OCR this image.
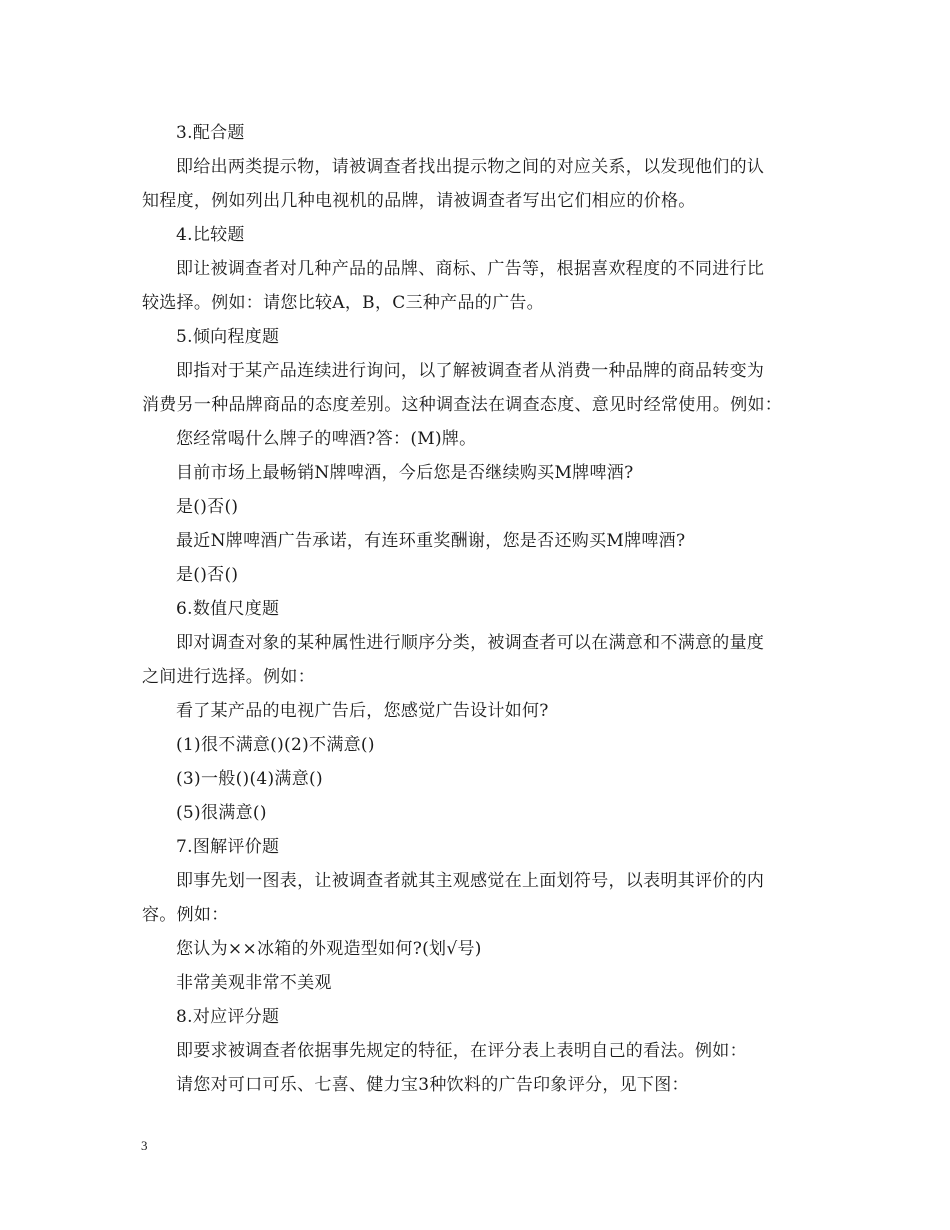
3.配合题
即给出两类提示物，请被调查者找出提示物之间的对应关系，以发现他们的认
知程度，例如列出几种电视机的品牌，请被调查者写出它们相应的价格。
4.比较题
即让被调查者对几种产品的品牌、商标、广告等，根据喜欢程度的不同进行比
较选择。例如：请您比较A，B，C三种产品的广告。
5.倾向程度题
即指对于某产品连续进行询问，以了解被调查者从消费一种品牌的商品转变为
消费另一种品牌商品的态度差别。这种调查法在调查态度、意见时经常使用。例如：
您经常喝什么牌子的啤酒?答：(M)牌。
目前市场上最畅销N牌啤酒，今后您是否继续购买M牌啤酒?
是()否()
最近N牌啤酒广告承诺，有连环重奖酬谢，您是否还购买M牌啤酒?
是()否()
6.数值尺度题
即对调查对象的某种属性进行顺序分类，被调查者可以在满意和不满意的量度
之间进行选择。例如：
看了某产品的电视广告后，您感觉广告设计如何?
(1)很不满意()(2)不满意()
(3)一般()(4)满意()
(5)很满意()
7.图解评价题
即事先划一图表，让被调查者就其主观感觉在上面划符号，以表明其评价的内
容。例如：
您认为××冰箱的外观造型如何?(划√号)
非常美观非常不美观
8.对应评分题
即要求被调查者依据事先规定的特征，在评分表上表明自己的看法。例如：
请您对可口可乐、七喜、健力宝3种饮料的广告印象评分，见下图：
3
